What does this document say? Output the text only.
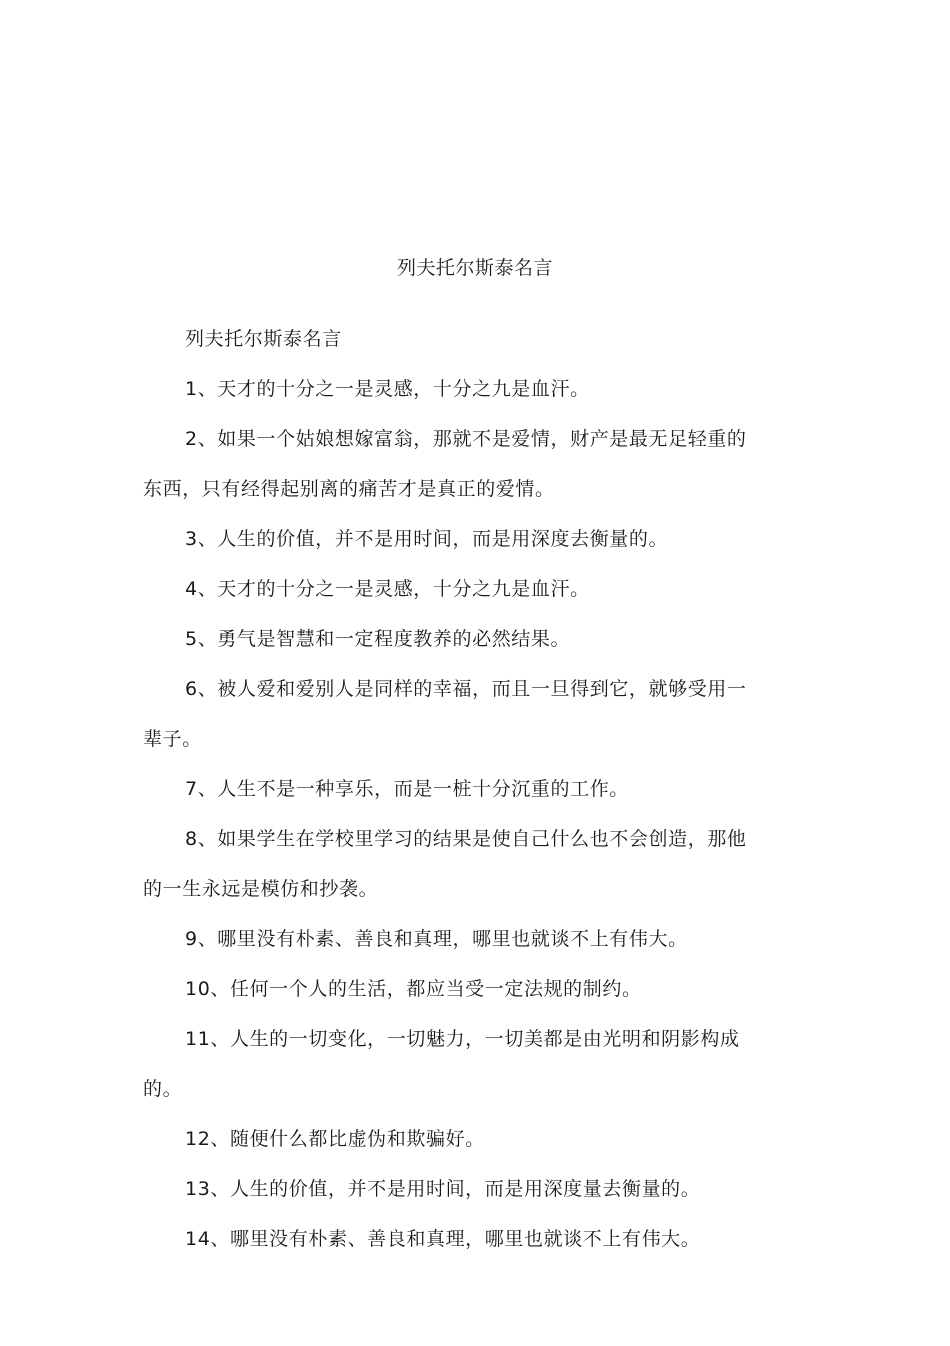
列夫托尔斯泰名言

列夫托尔斯泰名言

1、天才的十分之一是灵感，十分之九是血汗。

2、如果一个姑娘想嫁富翁，那就不是爱情，财产是最无足轻重的东西，只有经得起别离的痛苦才是真正的爱情。

3、人生的价值，并不是用时间，而是用深度去衡量的。

4、天才的十分之一是灵感，十分之九是血汗。

5、勇气是智慧和一定程度教养的必然结果。

6、被人爱和爱别人是同样的幸福，而且一旦得到它，就够受用一辈子。

7、人生不是一种享乐，而是一桩十分沉重的工作。

8、如果学生在学校里学习的结果是使自己什么也不会创造，那他的一生永远是模仿和抄袭。

9、哪里没有朴素、善良和真理，哪里也就谈不上有伟大。

10、任何一个人的生活，都应当受一定法规的制约。

11、人生的一切变化，一切魅力，一切美都是由光明和阴影构成的。

12、随便什么都比虚伪和欺骗好。

13、人生的价值，并不是用时间，而是用深度量去衡量的。

14、哪里没有朴素、善良和真理，哪里也就谈不上有伟大。
